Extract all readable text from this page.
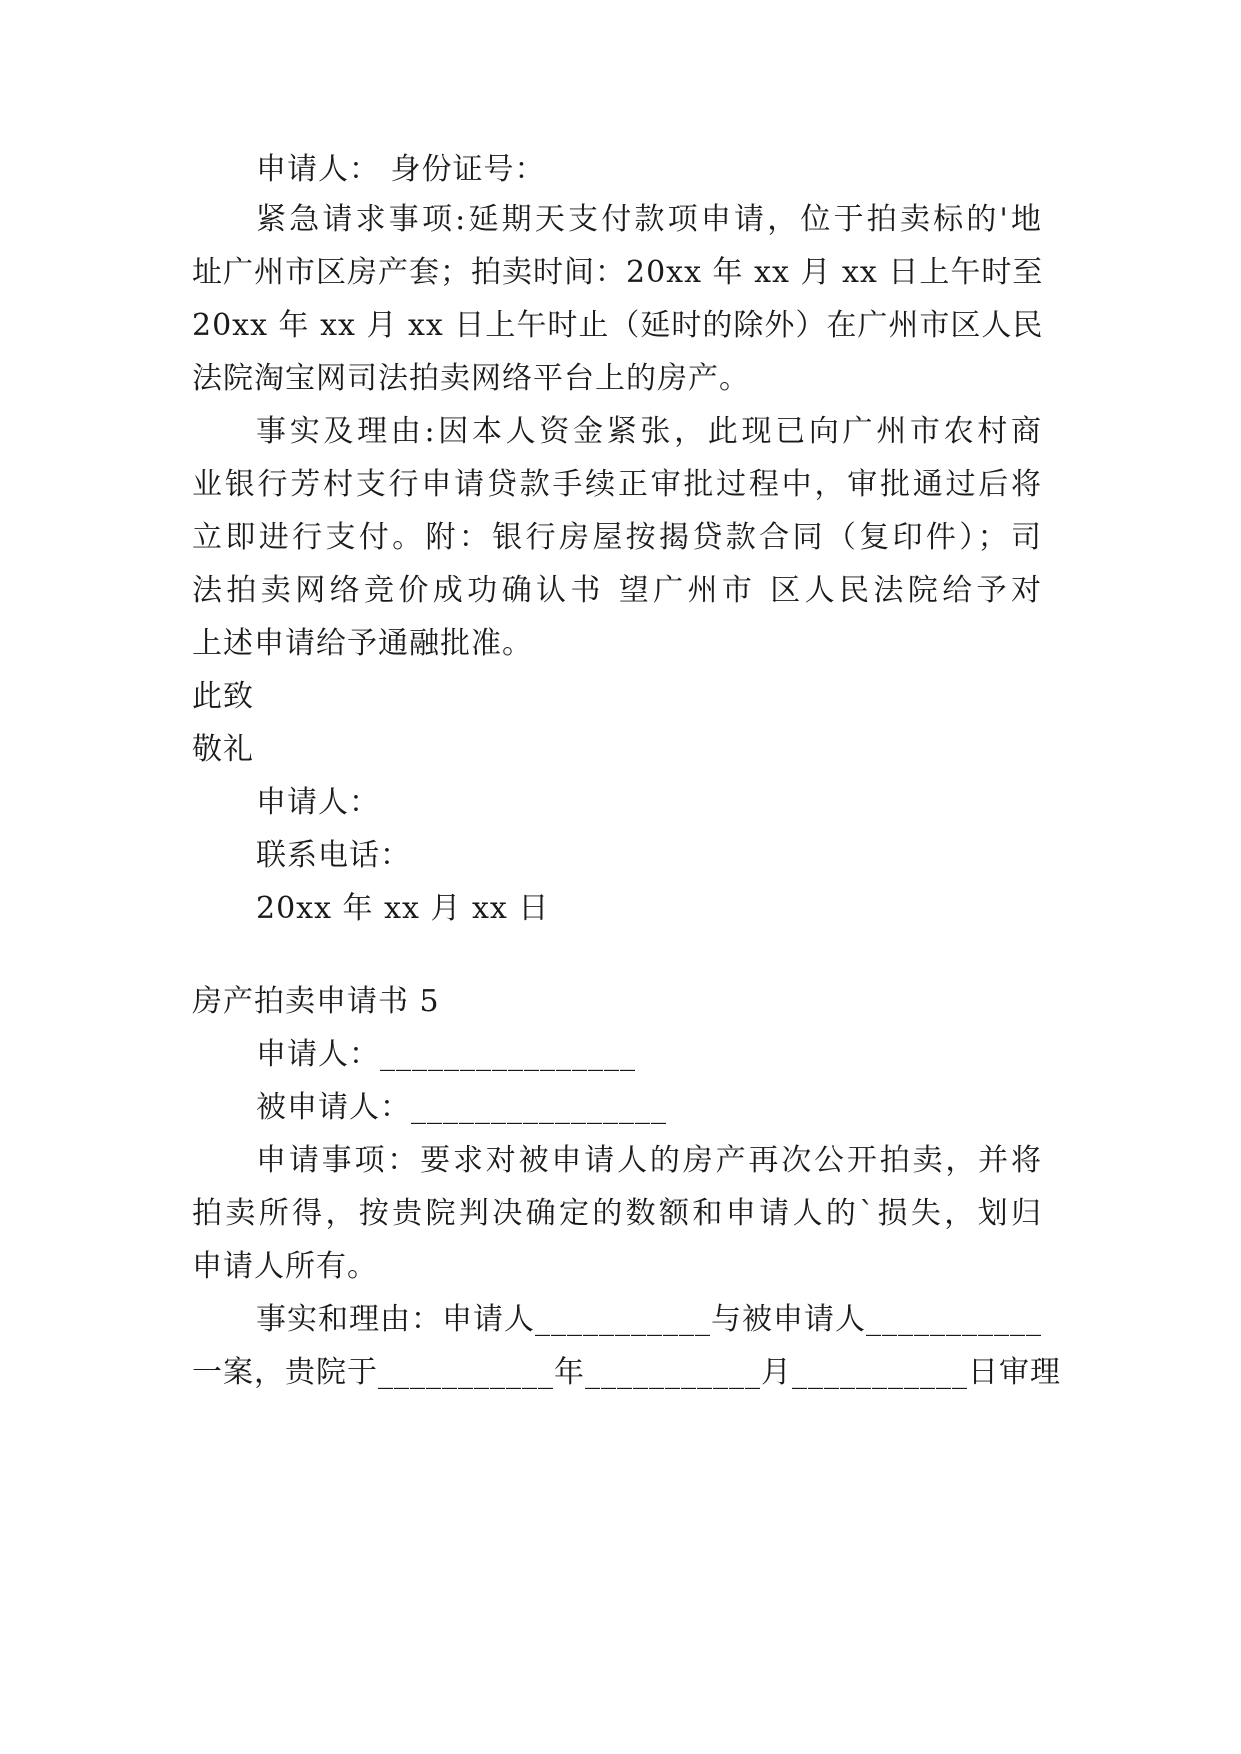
申请人： 身份证号：
紧急请求事项:延期天支付款项申请，位于拍卖标的'地
址广州市区房产套；拍卖时间：20xx 年 xx 月 xx 日上午时至
20xx 年 xx 月 xx 日上午时止（延时的除外）在广州市区人民
法院淘宝网司法拍卖网络平台上的房产。
事实及理由:因本人资金紧张，此现已向广州市农村商
业银行芳村支行申请贷款手续正审批过程中，审批通过后将
立即进行支付。附：银行房屋按揭贷款合同（复印件）；司
法拍卖网络竞价成功确认书 望广州市 区人民法院给予对
上述申请给予通融批准。
此致
敬礼
申请人：
联系电话：
20xx 年 xx 月 xx 日
房产拍卖申请书 5
申请人：________________
被申请人：________________
申请事项：要求对被申请人的房产再次公开拍卖，并将
拍卖所得，按贵院判决确定的数额和申请人的`损失，划归
申请人所有。
事实和理由：申请人___________与被申请人___________
一案，贵院于___________年___________月___________日审理
